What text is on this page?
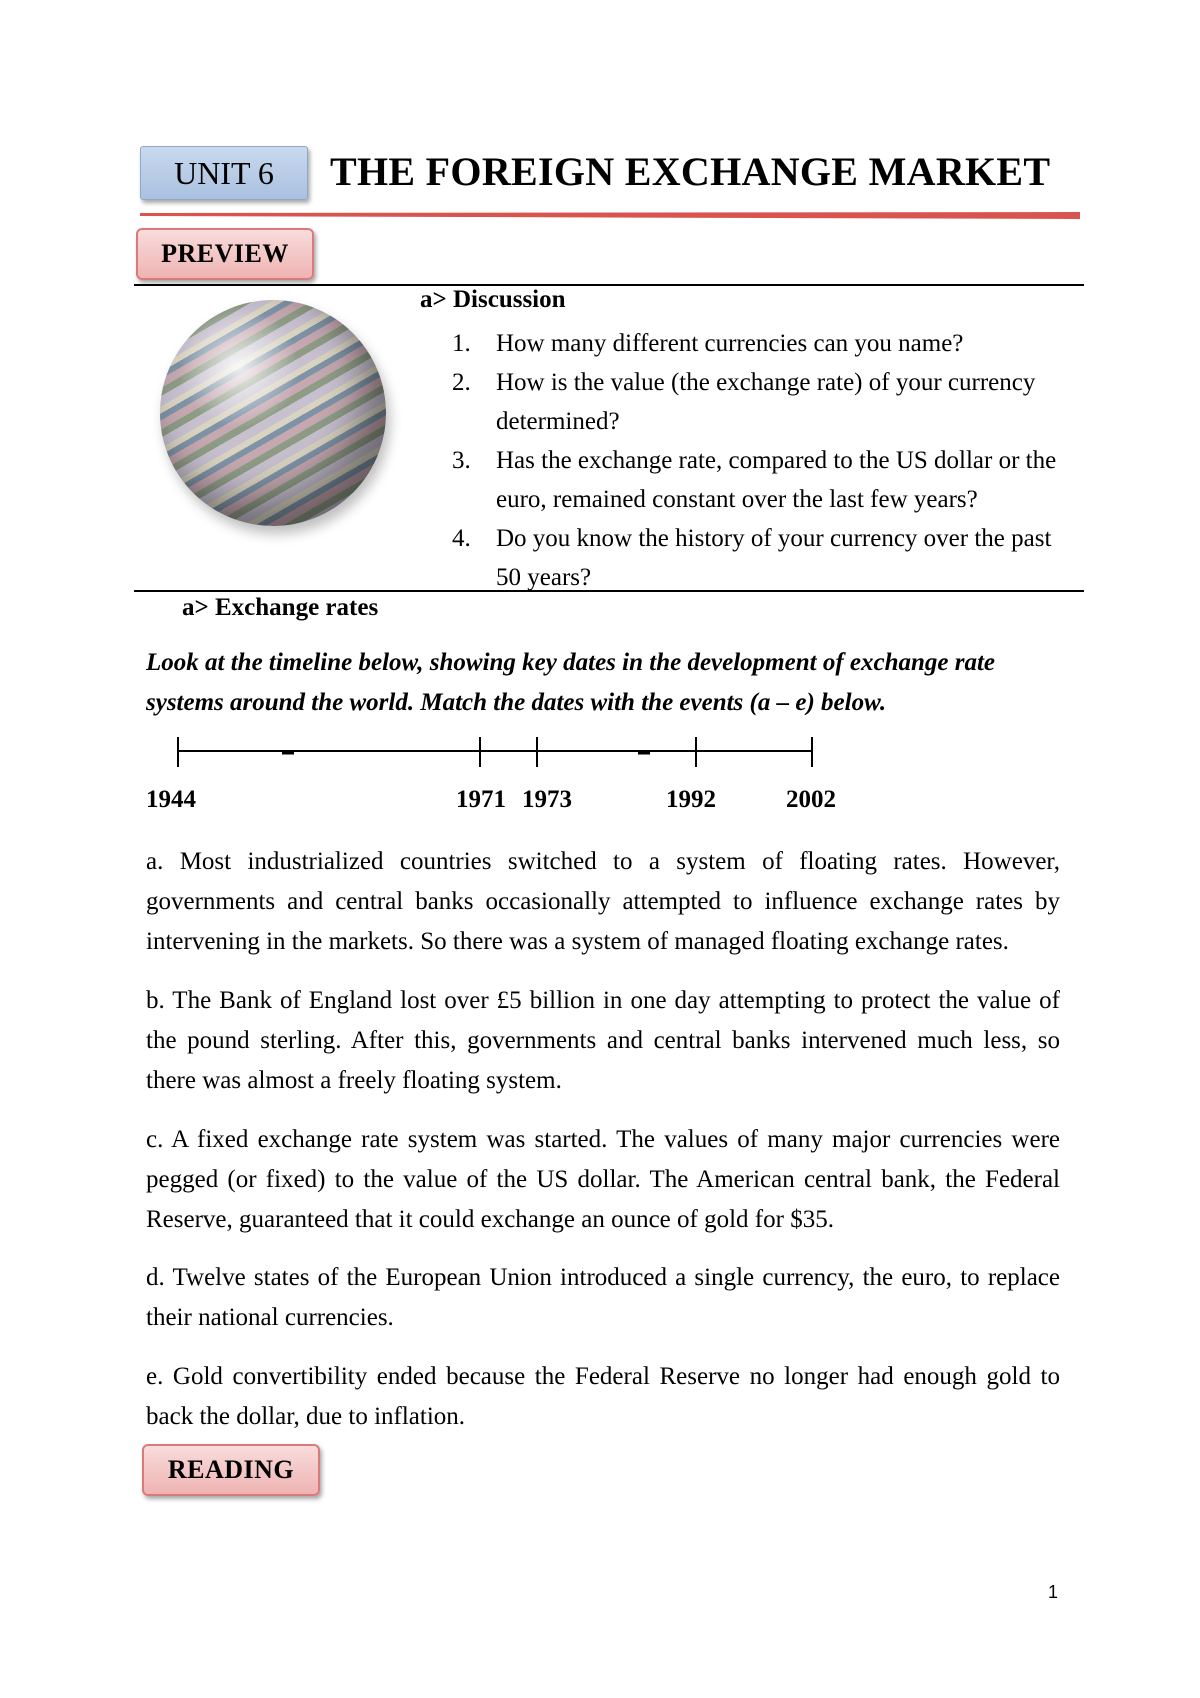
UNIT 6	THE FOREIGN EXCHANGE MARKET
PREVIEW
a> Discussion
1. How many different currencies can you name?
2. How is the value (the exchange rate) of your currency determined?
3. Has the exchange rate, compared to the US dollar or the euro, remained constant over the last few years?
4. Do you know the history of your currency over the past 50 years?
a> Exchange rates
Look at the timeline below, showing key dates in the development of exchange rate systems around the world. Match the dates with the events (a – e) below.
1944	1971 1973	1992	2002

a. Most industrialized countries switched to a system of floating rates. However, governments and central banks occasionally attempted to influence exchange rates by intervening in the markets. So there was a system of managed floating exchange rates.

b. The Bank of England lost over £5 billion in one day attempting to protect the value of the pound sterling. After this, governments and central banks intervened much less, so there was almost a freely floating system.

c. A fixed exchange rate system was started. The values of many major currencies were pegged (or fixed) to the value of the US dollar. The American central bank, the Federal Reserve, guaranteed that it could exchange an ounce of gold for $35.

d. Twelve states of the European Union introduced a single currency, the euro, to replace their national currencies.

e. Gold convertibility ended because the Federal Reserve no longer had enough gold to back the dollar, due to inflation.

READING
1
